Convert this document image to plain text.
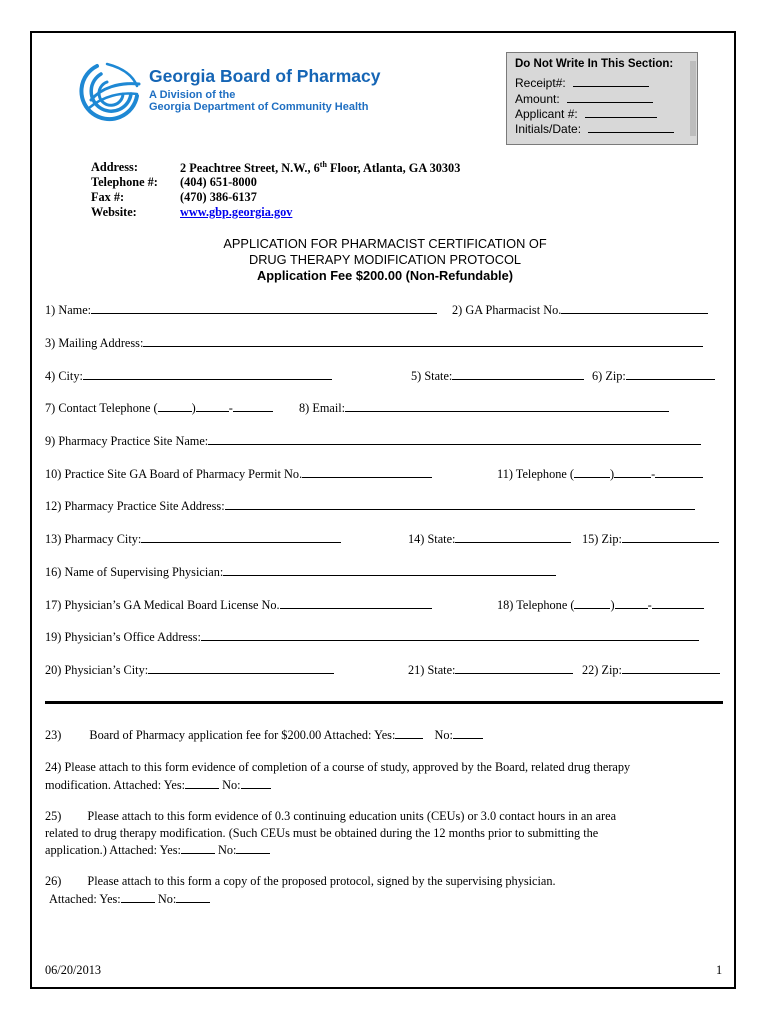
Georgia Board of Pharmacy
A Division of the
Georgia Department of Community Health
Do Not Write In This Section:
Receipt#:
Amount:
Applicant #:
Initials/Date:
Address:	2 Peachtree Street, N.W., 6th Floor, Atlanta, GA 30303
Telephone #: (404) 651-8000
Fax #:	(470) 386-6137
Website:	www.gbp.georgia.gov
APPLICATION FOR PHARMACIST CERTIFICATION OF
DRUG THERAPY MODIFICATION PROTOCOL
Application Fee $200.00 (Non-Refundable)
1) Name:	2) GA Pharmacist No.
3) Mailing Address:
4) City:	5) State:	6) Zip:
7) Contact Telephone (	)	-	8) Email:
9) Pharmacy Practice Site Name:
10) Practice Site GA Board of Pharmacy Permit No.	11) Telephone (	)	-
12) Pharmacy Practice Site Address:
13) Pharmacy City:	14) State:	15) Zip:
16) Name of Supervising Physician:
17) Physician’s GA Medical Board License No.	18) Telephone (	)	-
19) Physician’s Office Address:
20) Physician’s City:	21) State:	22) Zip:
23) Board of Pharmacy application fee for $200.00 Attached: Yes:	No:
24) Please attach to this form evidence of completion of a course of study, approved by the Board, related drug therapy
modification. Attached: Yes:	No:
25) Please attach to this form evidence of 0.3 continuing education units (CEUs) or 3.0 contact hours in an area
related to drug therapy modification. (Such CEUs must be obtained during the 12 months prior to submitting the
application.) Attached: Yes:	No:
26) Please attach to this form a copy of the proposed protocol, signed by the supervising physician.
Attached: Yes:	No:
06/20/2013	1
